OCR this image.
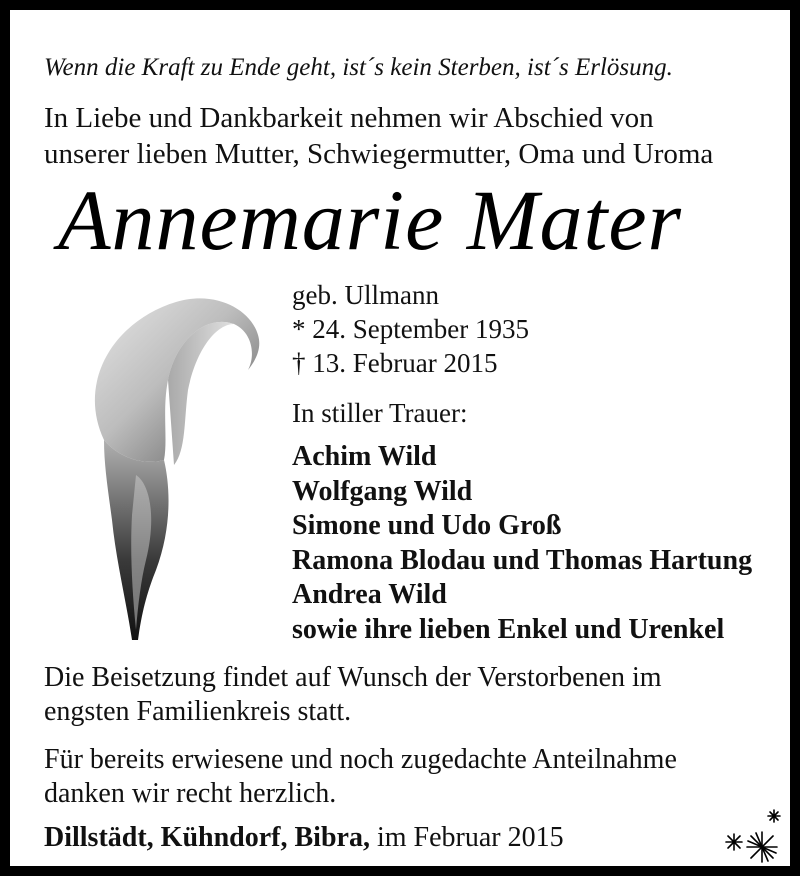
Wenn die Kraft zu Ende geht, ist´s kein Sterben, ist´s Erlösung.
In Liebe und Dankbarkeit nehmen wir Abschied von
unserer lieben Mutter, Schwiegermutter, Oma und Uroma
Annemarie Mater
geb. Ullmann
* 24. September 1935
† 13. Februar 2015
In stiller Trauer:
Achim Wild
Wolfgang Wild
Simone und Udo Groß
Ramona Blodau und Thomas Hartung
Andrea Wild
sowie ihre lieben Enkel und Urenkel
Die Beisetzung findet auf Wunsch der Verstorbenen im
engsten Familienkreis statt.
Für bereits erwiesene und noch zugedachte Anteilnahme
danken wir recht herzlich.
Dillstädt, Kühndorf, Bibra, im Februar 2015
